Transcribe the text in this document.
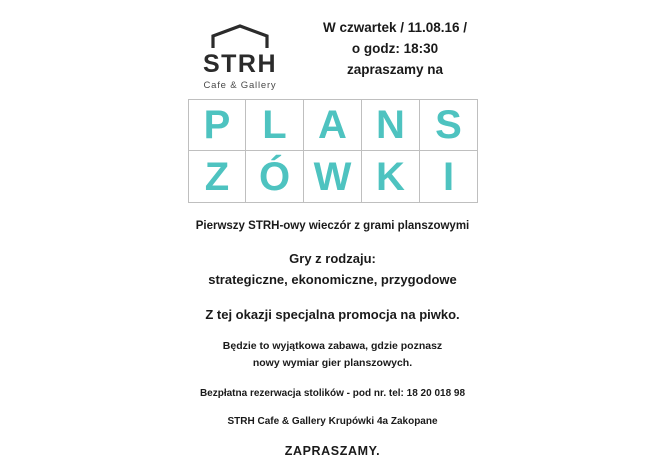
STRH
Cafe & Gallery
W czwartek / 11.08.16 /
o godz: 18:30
zapraszamy na
P L A N S
Z Ó W K I

Pierwszy STRH-owy wieczór z grami planszowymi

Gry z rodzaju:

strategiczne, ekonomiczne, przygodowe

Z tej okazji specjalna promocja na piwko.

Będzie to wyjątkowa zabawa, gdzie poznasz

nowy wymiar gier planszowych.

Bezpłatna rezerwacja stolików - pod nr. tel: 18 20 018 98

STRH Cafe & Gallery Krupówki 4a Zakopane

ZAPRASZAMY.
